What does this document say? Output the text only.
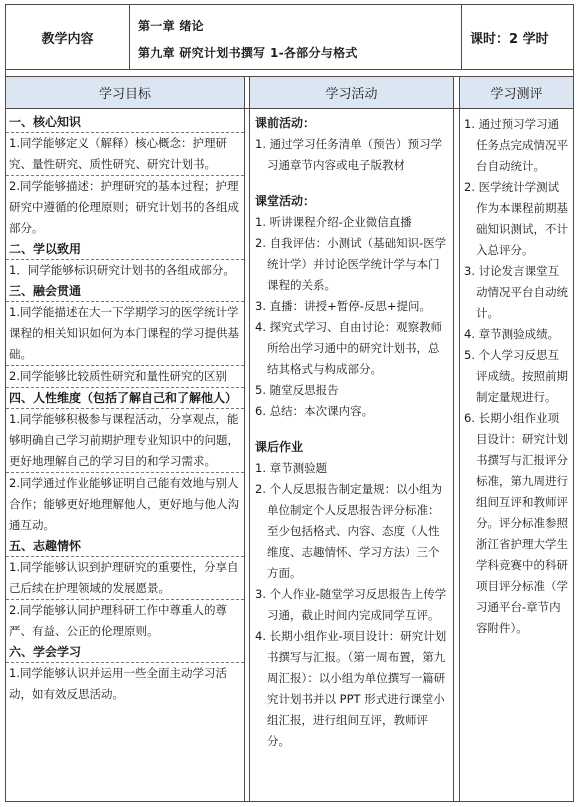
教学内容
第一章 绪论
第九章 研究计划书撰写 1-各部分与格式
课时：2 学时
学习目标	学习活动	学习测评
一、核心知识
1.同学能够定义（解释）核心概念：护理研究、量性研究、质性研究、研究计划书。
2.同学能够描述：护理研究的基本过程；护理研究中遵循的伦理原则；研究计划书的各组成部分。
二、学以致用
1．同学能够标识研究计划书的各组成部分。
三、融会贯通
1.同学能描述在大一下学期学习的医学统计学课程的相关知识如何为本门课程的学习提供基础。
2.同学能够比较质性研究和量性研究的区别
四、人性维度（包括了解自己和了解他人）
1.同学能够积极参与课程活动，分享观点，能够明确自己学习前期护理专业知识中的问题，更好地理解自己的学习目的和学习需求。
2.同学通过作业能够证明自己能有效地与别人合作；能够更好地理解他人，更好地与他人沟通互动。
五、志趣情怀
1.同学能够认识到护理研究的重要性，分享自己后续在护理领域的发展愿景。
2.同学能够认同护理科研工作中尊重人的尊严、有益、公正的伦理原则。
六、学会学习
1.同学能够认识并运用一些全面主动学习活动，如有效反思活动。
课前活动：
1. 通过学习任务清单（预告）预习学习通章节内容或电子版教材
课堂活动：
1. 听讲课程介绍-企业微信直播
2. 自我评估：小测试（基础知识-医学统计学）并讨论医学统计学与本门课程的关系。
3. 直播：讲授+暂停-反思+提问。
4. 探究式学习、自由讨论：观察教师所给出学习通中的研究计划书，总结其格式与构成部分。
5. 随堂反思报告
6. 总结：本次课内容。
课后作业
1. 章节测验题
2. 个人反思报告制定量规：以小组为单位制定个人反思报告评分标准：至少包括格式、内容、态度（人性维度、志趣情怀、学习方法）三个方面。
3. 个人作业-随堂学习反思报告上传学习通，截止时间内完成同学互评。
4. 长期小组作业-项目设计：研究计划书撰写与汇报。（第一周布置，第九周汇报）：以小组为单位撰写一篇研究计划书并以 PPT 形式进行课堂小组汇报，进行组间互评，教师评分。
1. 通过预习学习通任务点完成情况平台自动统计。
2. 医学统计学测试作为本课程前期基础知识测试，不计入总评分。
3. 讨论发言课堂互动情况平台自动统计。
4. 章节测验成绩。
5. 个人学习反思互评成绩。按照前期制定量规进行。
6. 长期小组作业项目设计：研究计划书撰写与汇报评分标准，第九周进行组间互评和教师评分。评分标准参照浙江省护理大学生学科竞赛中的科研项目评分标准（学习通平台-章节内容附件）。
